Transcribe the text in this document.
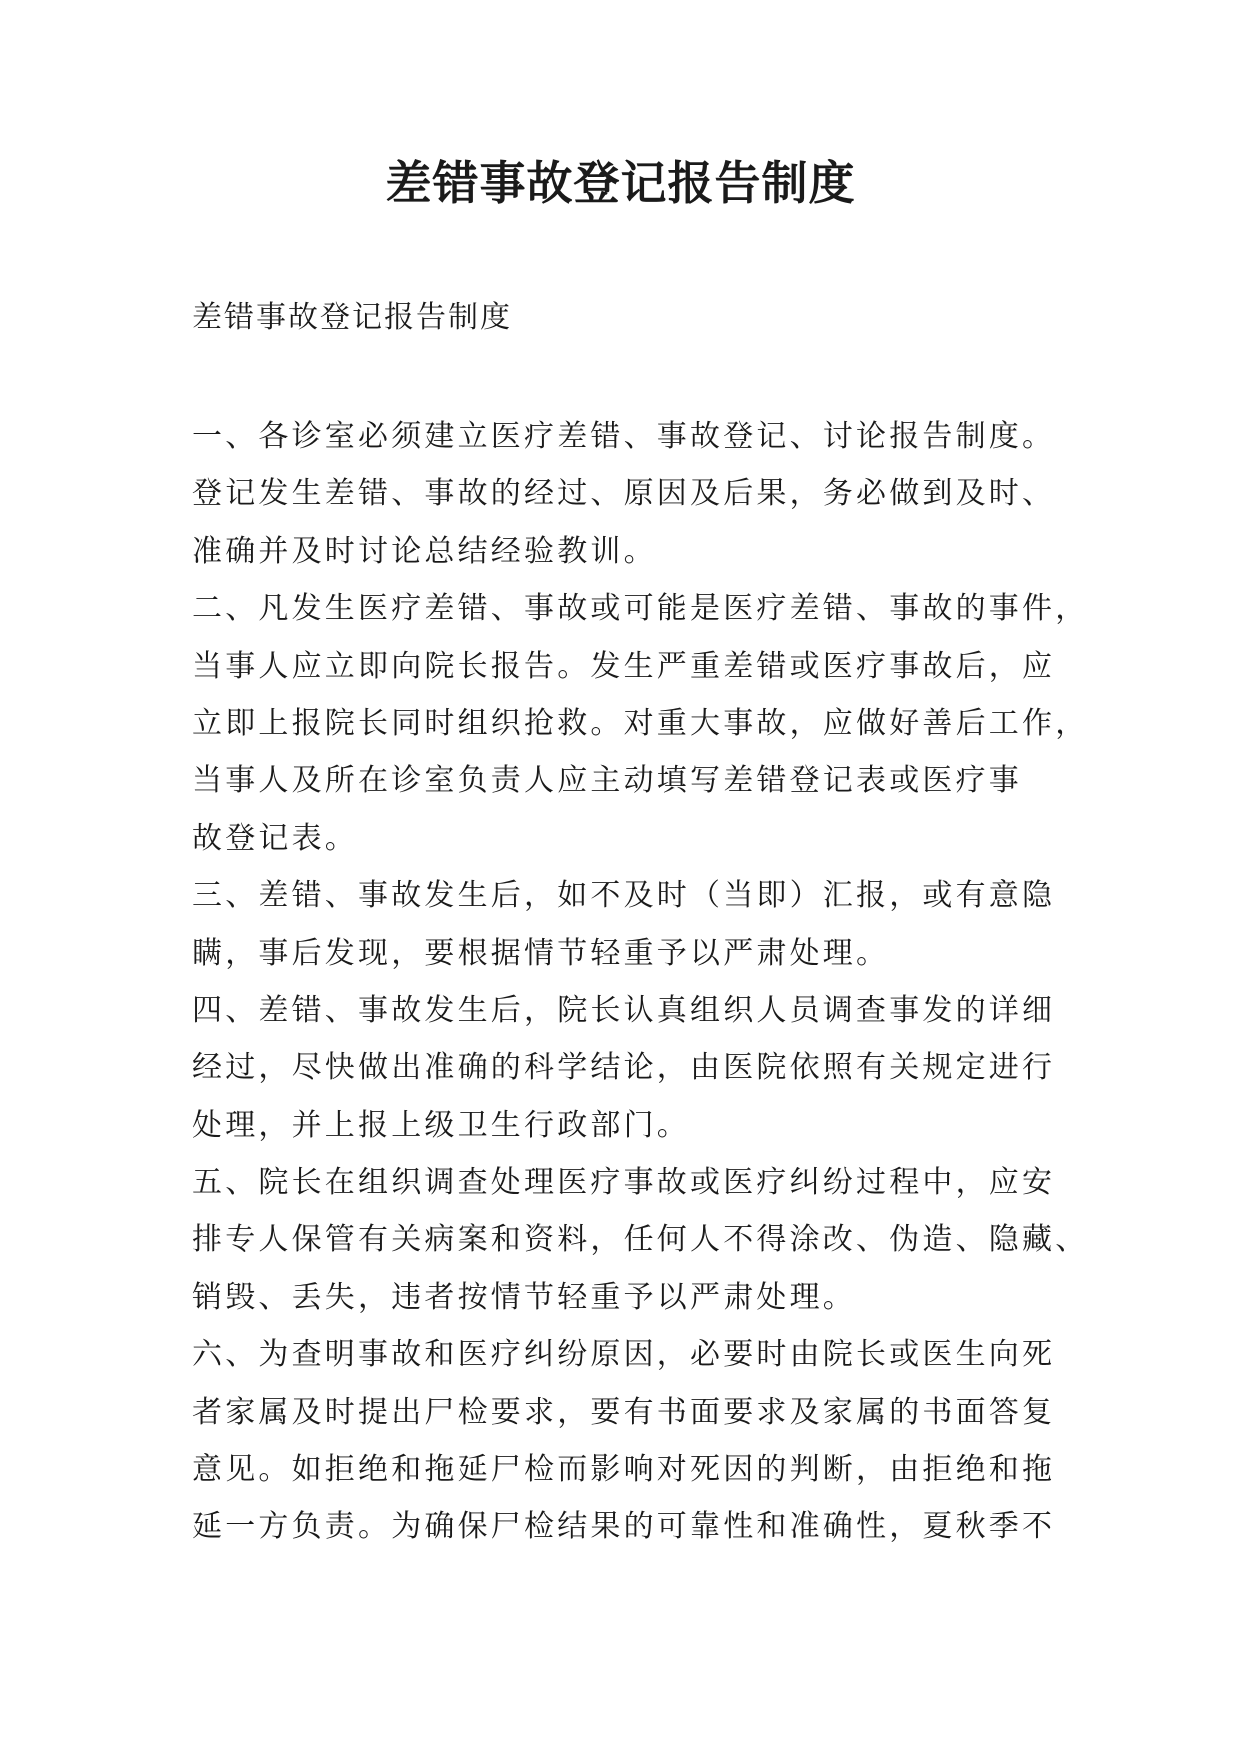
差错事故登记报告制度

差错事故登记报告制度

一、各诊室必须建立医疗差错、事故登记、讨论报告制度。
登记发生差错、事故的经过、原因及后果，务必做到及时、
准确并及时讨论总结经验教训。
二、凡发生医疗差错、事故或可能是医疗差错、事故的事件，
当事人应立即向院长报告。发生严重差错或医疗事故后，应
立即上报院长同时组织抢救。对重大事故，应做好善后工作，
当事人及所在诊室负责人应主动填写差错登记表或医疗事
故登记表。
三、差错、事故发生后，如不及时（当即）汇报，或有意隐
瞒，事后发现，要根据情节轻重予以严肃处理。
四、差错、事故发生后，院长认真组织人员调查事发的详细
经过，尽快做出准确的科学结论，由医院依照有关规定进行
处理，并上报上级卫生行政部门。
五、院长在组织调查处理医疗事故或医疗纠纷过程中，应安
排专人保管有关病案和资料，任何人不得涂改、伪造、隐藏、
销毁、丢失，违者按情节轻重予以严肃处理。
六、为查明事故和医疗纠纷原因，必要时由院长或医生向死
者家属及时提出尸检要求，要有书面要求及家属的书面答复
意见。如拒绝和拖延尸检而影响对死因的判断，由拒绝和拖
延一方负责。为确保尸检结果的可靠性和准确性，夏秋季不
